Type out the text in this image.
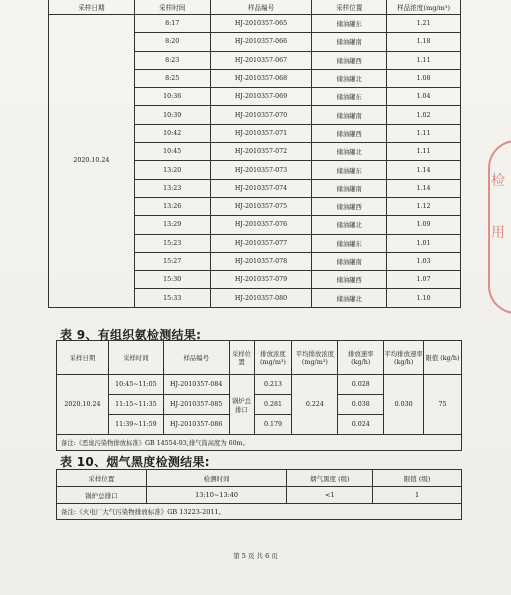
采样日期	采样时间	样品编号	采样位置	样品浓度(mg/m³)
2020.10.24	8:17	HJ-2010357-065	储油罐东	1.21
	8:20	HJ-2010357-066	储油罐南	1.18
	8:23	HJ-2010357-067	储油罐西	1.11
	8:25	HJ-2010357-068	储油罐北	1.08
	10:36	HJ-2010357-069	储油罐东	1.04
	10:39	HJ-2010357-070	储油罐南	1.02
	10:42	HJ-2010357-071	储油罐西	1.11
	10:45	HJ-2010357-072	储油罐北	1.11
	13:20	HJ-2010357-073	储油罐东	1.14
	13:23	HJ-2010357-074	储油罐南	1.14
	13:26	HJ-2010357-075	储油罐西	1.12
	13:29	HJ-2010357-076	储油罐北	1.09
	15:23	HJ-2010357-077	储油罐东	1.01
	15:27	HJ-2010357-078	储油罐南	1.03
	15:30	HJ-2010357-079	储油罐西	1.07
	15:33	HJ-2010357-080	储油罐北	1.10
表 9、有组织氨检测结果:
采样日期	采样时间	样品编号	采样位置	排放浓度 (mg/m³)	平均排放浓度 (mg/m³)	排放速率 (kg/h)	平均排放速率 (kg/h)	限值 (kg/h)
2020.10.24	10:45~11:05	HJ-2010357-084	锅炉总排口	0.213	0.224	0.028	0.030	75
	11:15~11:35	HJ-2010357-085		0.281		0.038		
	11:39~11:59	HJ-2010357-086		0.179		0.024		
备注:《恶臭污染物排放标准》GB 14554-93,排气筒高度为 60m。								
表 10、烟气黑度检测结果:
采样位置	检测时间	烟气黑度 (级)	限值 (级)
锅炉总排口	13:10~13:40	<1	1
备注:《火电厂大气污染物排放标准》GB 13223-2011。			
第 5 页 共 6 页
检
用
